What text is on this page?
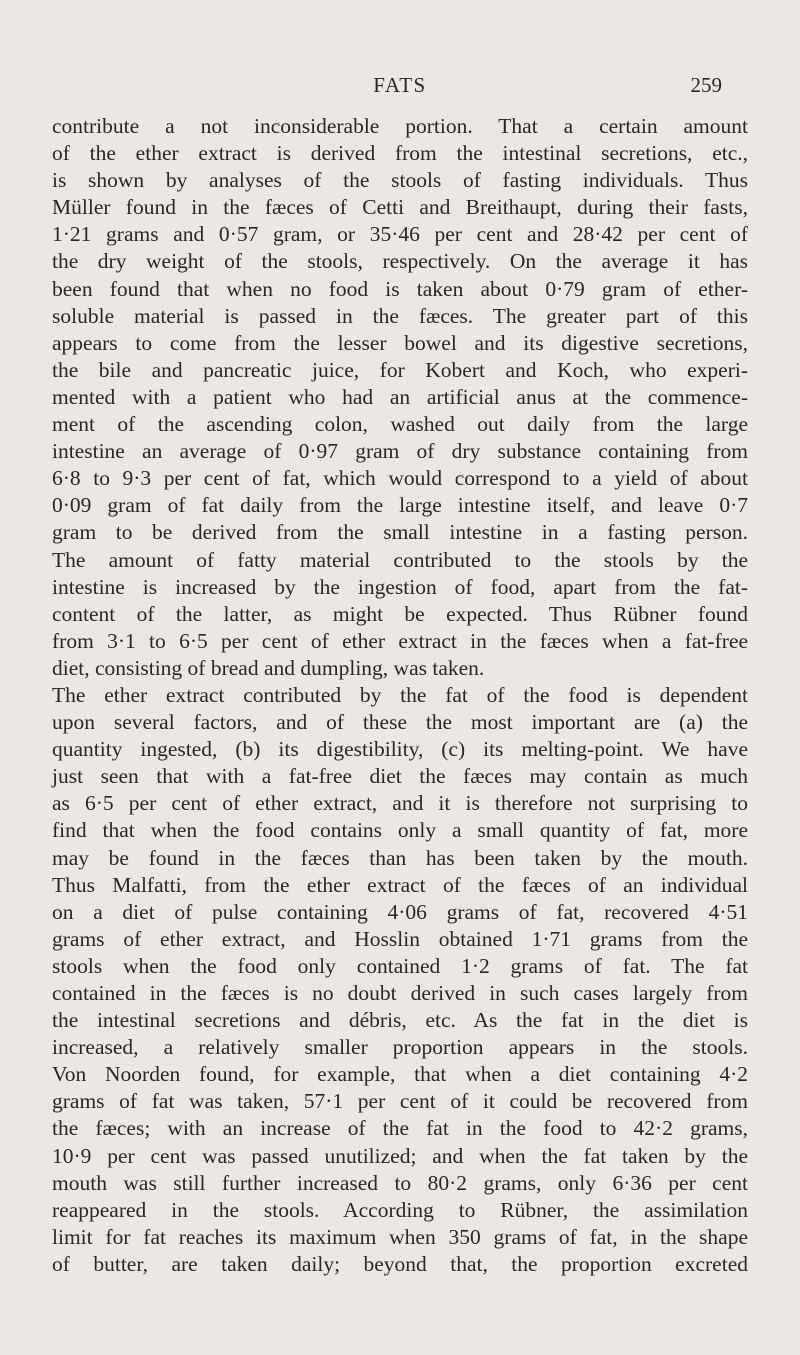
FATS	259
contribute a not inconsiderable portion. That a certain amount
of the ether extract is derived from the intestinal secretions, etc.,
is shown by analyses of the stools of fasting individuals. Thus
Müller found in the fæces of Cetti and Breithaupt, during their fasts,
1·21 grams and 0·57 gram, or 35·46 per cent and 28·42 per cent of
the dry weight of the stools, respectively. On the average it has
been found that when no food is taken about 0·79 gram of ether-
soluble material is passed in the fæces. The greater part of this
appears to come from the lesser bowel and its digestive secretions,
the bile and pancreatic juice, for Kobert and Koch, who experi-
mented with a patient who had an artificial anus at the commence-
ment of the ascending colon, washed out daily from the large
intestine an average of 0·97 gram of dry substance containing from
6·8 to 9·3 per cent of fat, which would correspond to a yield of about
0·09 gram of fat daily from the large intestine itself, and leave 0·7
gram to be derived from the small intestine in a fasting person.
The amount of fatty material contributed to the stools by the
intestine is increased by the ingestion of food, apart from the fat-
content of the latter, as might be expected. Thus Rübner found
from 3·1 to 6·5 per cent of ether extract in the fæces when a fat-free
diet, consisting of bread and dumpling, was taken.
The ether extract contributed by the fat of the food is dependent
upon several factors, and of these the most important are (a) the
quantity ingested, (b) its digestibility, (c) its melting-point. We have
just seen that with a fat-free diet the fæces may contain as much
as 6·5 per cent of ether extract, and it is therefore not surprising to
find that when the food contains only a small quantity of fat, more
may be found in the fæces than has been taken by the mouth.
Thus Malfatti, from the ether extract of the fæces of an individual
on a diet of pulse containing 4·06 grams of fat, recovered 4·51
grams of ether extract, and Hosslin obtained 1·71 grams from the
stools when the food only contained 1·2 grams of fat. The fat
contained in the fæces is no doubt derived in such cases largely from
the intestinal secretions and débris, etc. As the fat in the diet is
increased, a relatively smaller proportion appears in the stools.
Von Noorden found, for example, that when a diet containing 4·2
grams of fat was taken, 57·1 per cent of it could be recovered from
the fæces; with an increase of the fat in the food to 42·2 grams,
10·9 per cent was passed unutilized; and when the fat taken by the
mouth was still further increased to 80·2 grams, only 6·36 per cent
reappeared in the stools. According to Rübner, the assimilation
limit for fat reaches its maximum when 350 grams of fat, in the shape
of butter, are taken daily; beyond that, the proportion excreted
